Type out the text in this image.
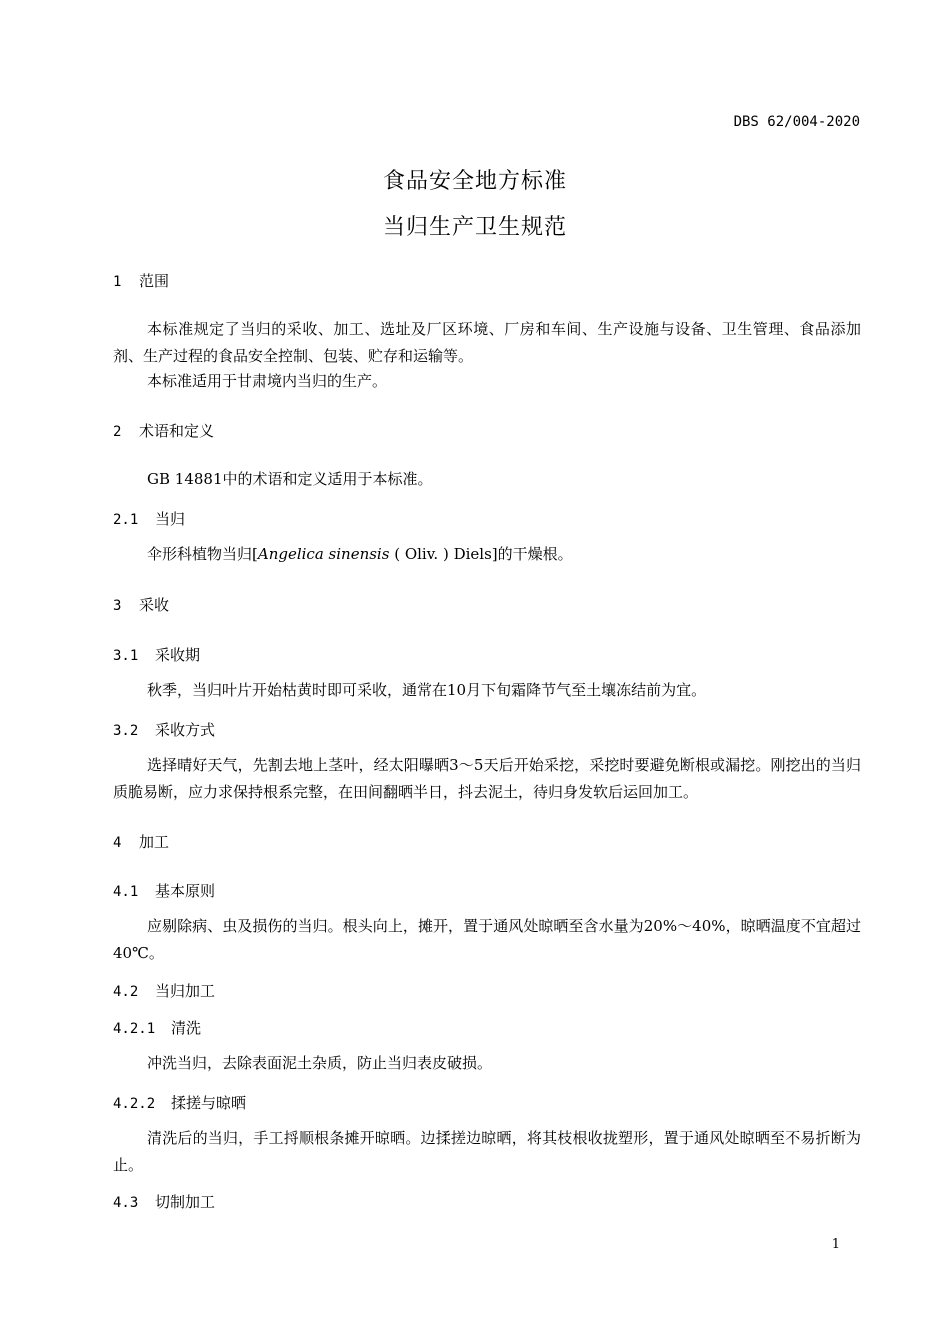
DBS 62/004-2020
食品安全地方标准
当归生产卫生规范
1 范围
本标准规定了当归的采收、加工、选址及厂区环境、厂房和车间、生产设施与设备、卫生管理、食品添加剂、生产过程的食品安全控制、包装、贮存和运输等。
本标准适用于甘肃境内当归的生产。
2 术语和定义
GB 14881中的术语和定义适用于本标准。
2.1 当归
伞形科植物当归[Angelica sinensis ( Oliv. ) Diels]的干燥根。
3 采收
3.1 采收期
秋季，当归叶片开始枯黄时即可采收，通常在10月下旬霜降节气至土壤冻结前为宜。
3.2 采收方式
选择晴好天气，先割去地上茎叶，经太阳曝晒3～5天后开始采挖，采挖时要避免断根或漏挖。刚挖出的当归质脆易断，应力求保持根系完整，在田间翻晒半日，抖去泥土，待归身发软后运回加工。
4 加工
4.1 基本原则
应剔除病、虫及损伤的当归。根头向上，摊开，置于通风处晾晒至含水量为20%～40%，晾晒温度不宜超过40℃。
4.2 当归加工
4.2.1 清洗
冲洗当归，去除表面泥土杂质，防止当归表皮破损。
4.2.2 揉搓与晾晒
清洗后的当归，手工捋顺根条摊开晾晒。边揉搓边晾晒，将其枝根收拢塑形，置于通风处晾晒至不易折断为止。
4.3 切制加工
1
